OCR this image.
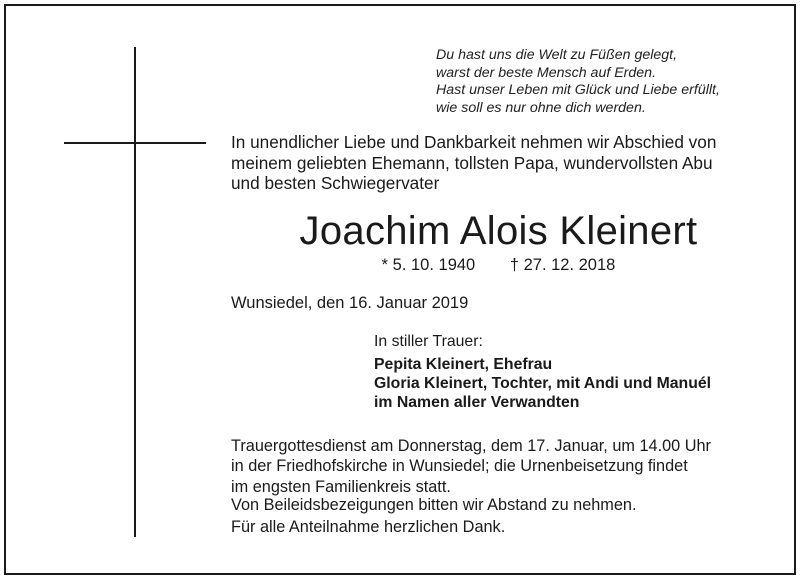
Du hast uns die Welt zu Füßen gelegt,
warst der beste Mensch auf Erden.
Hast unser Leben mit Glück und Liebe erfüllt,
wie soll es nur ohne dich werden.
In unendlicher Liebe und Dankbarkeit nehmen wir Abschied von
meinem geliebten Ehemann, tollsten Papa, wundervollsten Abu
und besten Schwiegervater
Joachim Alois Kleinert
* 5. 10. 1940 † 27. 12. 2018
Wunsiedel, den 16. Januar 2019
In stiller Trauer:
Pepita Kleinert, Ehefrau
Gloria Kleinert, Tochter, mit Andi und Manuél
im Namen aller Verwandten
Trauergottesdienst am Donnerstag, dem 17. Januar, um 14.00 Uhr
in der Friedhofskirche in Wunsiedel; die Urnenbeisetzung findet
im engsten Familienkreis statt.
Von Beileidsbezeigungen bitten wir Abstand zu nehmen.
Für alle Anteilnahme herzlichen Dank.
